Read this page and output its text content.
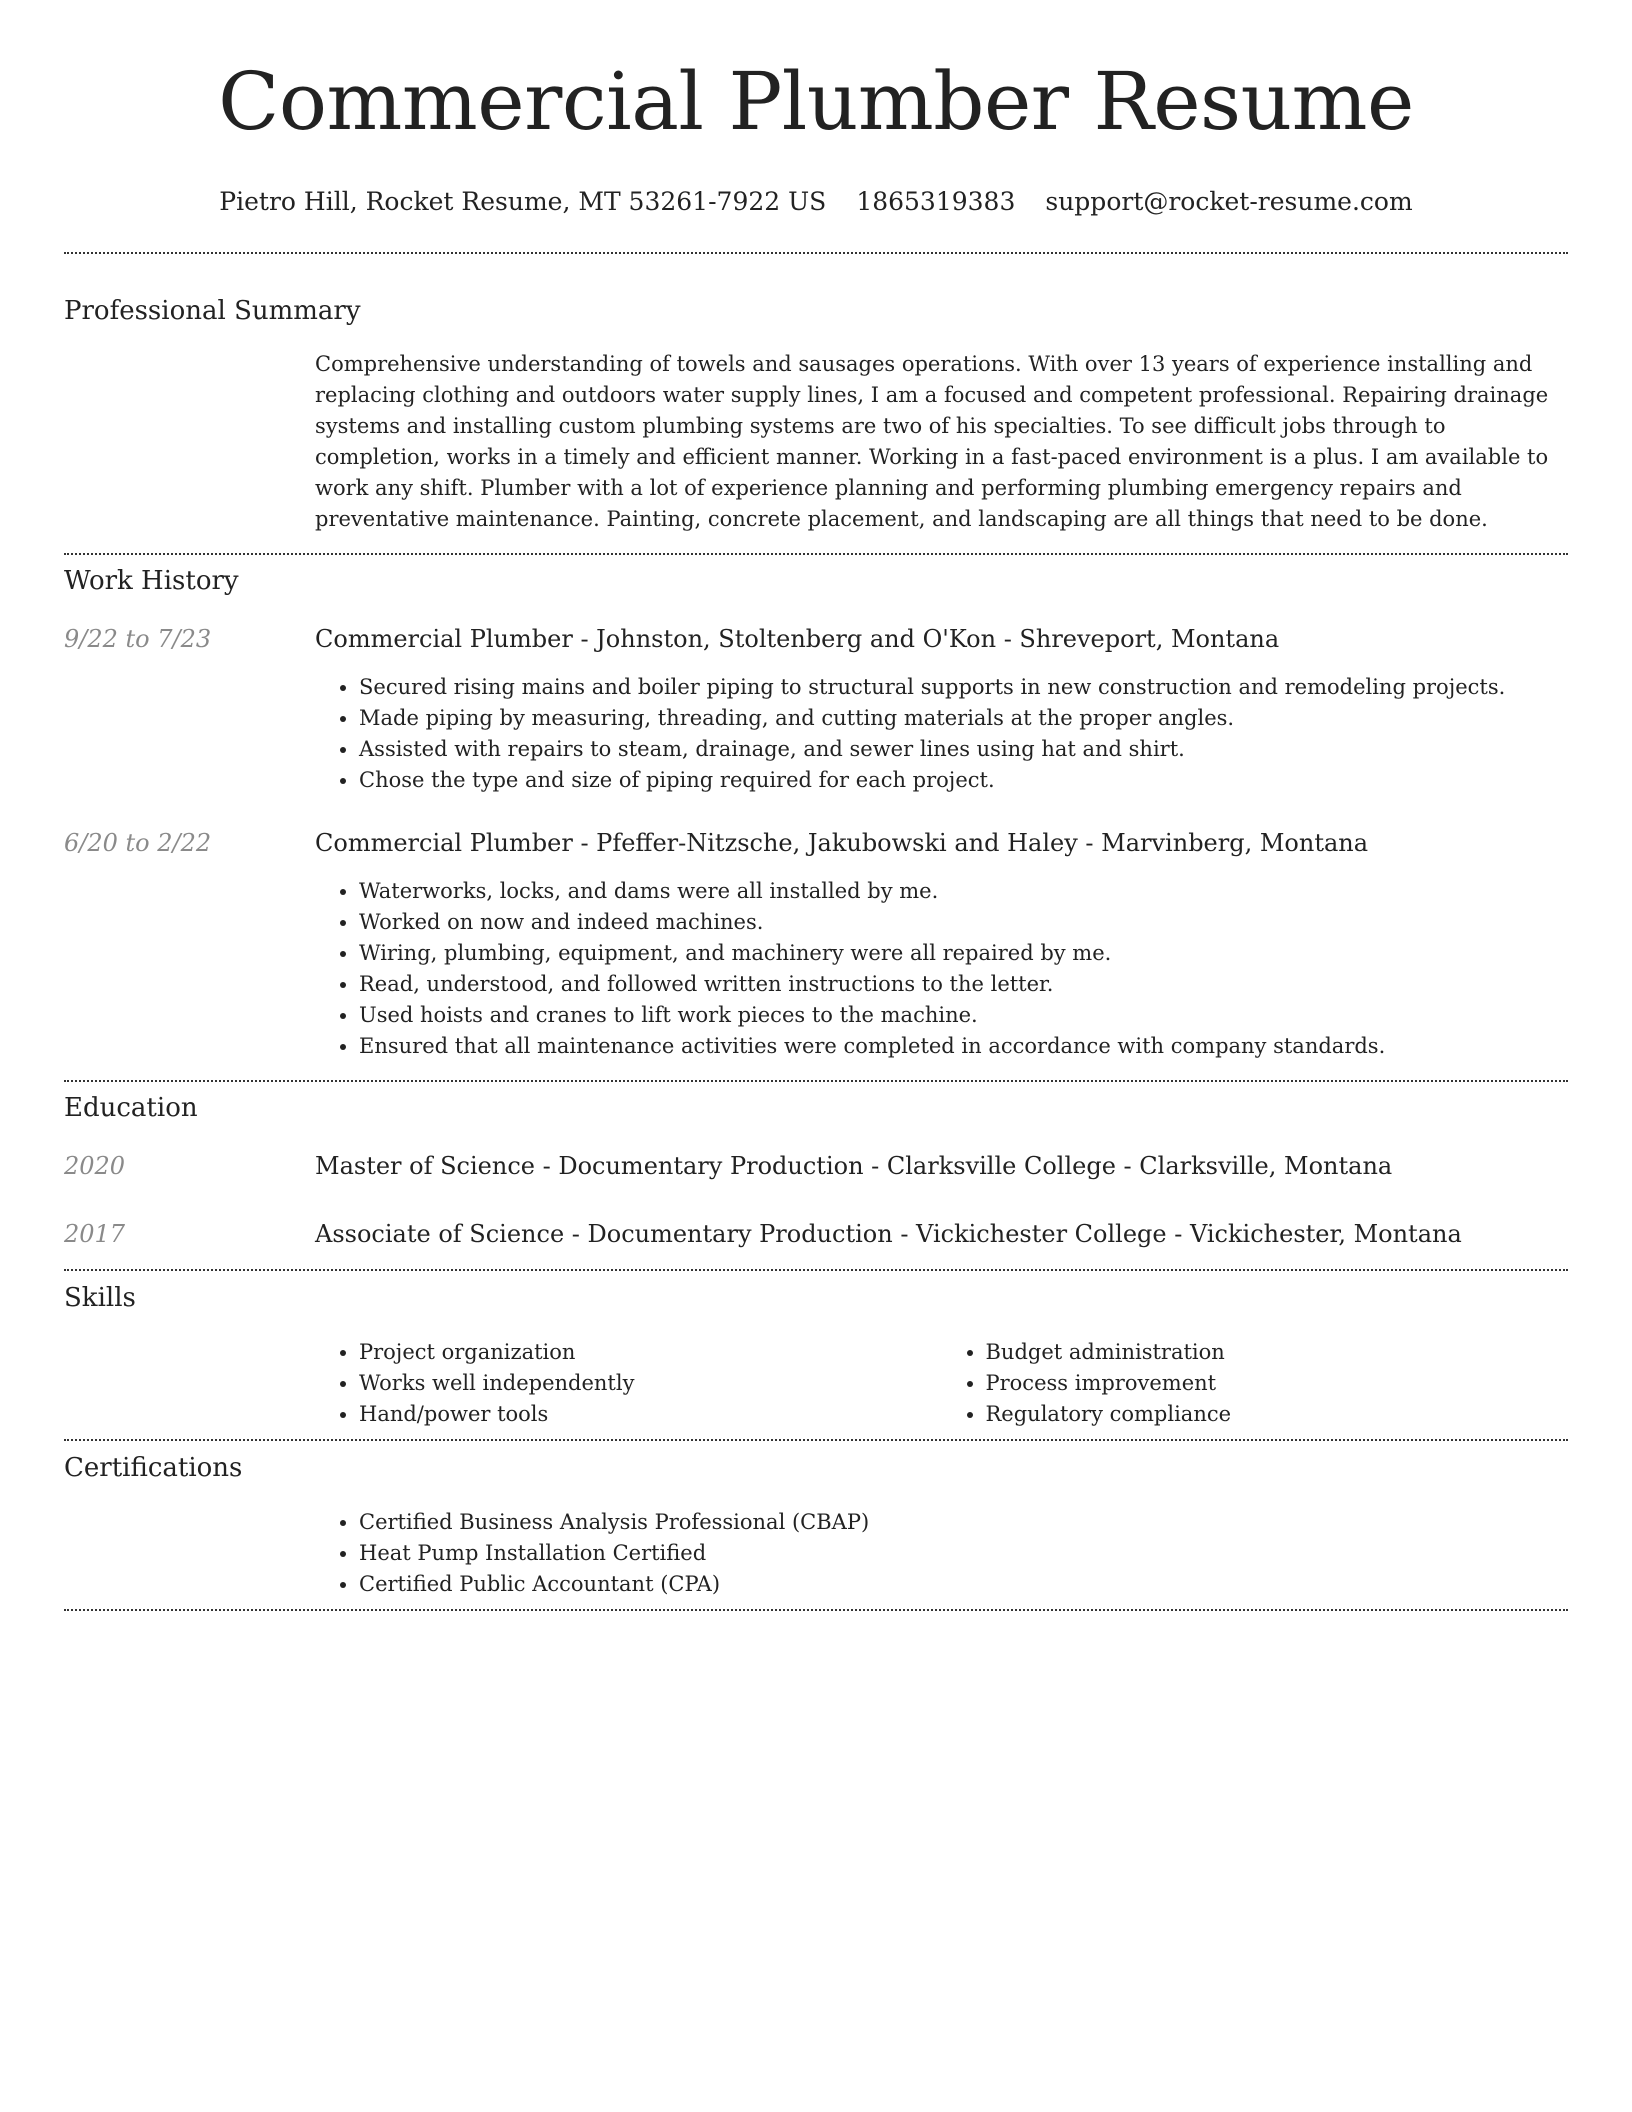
Commercial Plumber Resume
Pietro Hill, Rocket Resume, MT 53261-7922 US 1865319383 support@rocket-resume.com
Professional Summary

Comprehensive understanding of towels and sausages operations. With over 13 years of experience installing and replacing clothing and outdoors water supply lines, I am a focused and competent professional. Repairing drainage systems and installing custom plumbing systems are two of his specialties. To see difficult jobs through to completion, works in a timely and efficient manner. Working in a fast-paced environment is a plus. I am available to work any shift. Plumber with a lot of experience planning and performing plumbing emergency repairs and preventative maintenance. Painting, concrete placement, and landscaping are all things that need to be done.

Work History
9/22 to 7/23	Commercial Plumber - Johnston, Stoltenberg and O'Kon - Shreveport, Montana

• Secured rising mains and boiler piping to structural supports in new construction and remodeling projects.
• Made piping by measuring, threading, and cutting materials at the proper angles.
• Assisted with repairs to steam, drainage, and sewer lines using hat and shirt.
• Chose the type and size of piping required for each project.
6/20 to 2/22	Commercial Plumber - Pfeffer-Nitzsche, Jakubowski and Haley - Marvinberg, Montana

• Waterworks, locks, and dams were all installed by me.
• Worked on now and indeed machines.
• Wiring, plumbing, equipment, and machinery were all repaired by me.
• Read, understood, and followed written instructions to the letter.
• Used hoists and cranes to lift work pieces to the machine.
• Ensured that all maintenance activities were completed in accordance with company standards.
Education
2020	Master of Science - Documentary Production - Clarksville College - Clarksville, Montana

2017	Associate of Science - Documentary Production - Vickichester College - Vickichester, Montana

Skills
• Project organization
• Works well independently
• Hand/power tools
• Budget administration
• Process improvement
• Regulatory compliance
Certifications
• Certified Business Analysis Professional (CBAP)
• Heat Pump Installation Certified
• Certified Public Accountant (CPA)
